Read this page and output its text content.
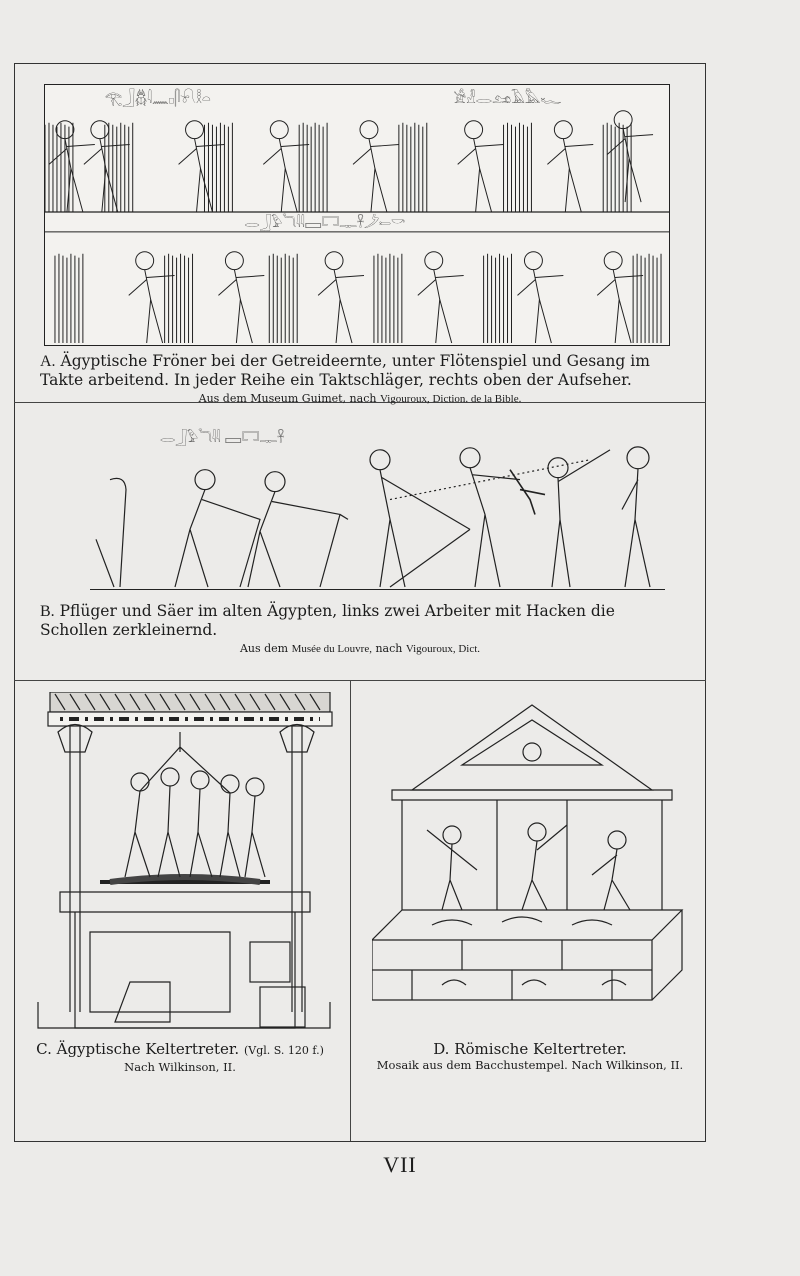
𓂀𓃀𓆣𓇋𓈖𓊪𓋴𓍯𓎛𓏏	𓀀𓁐𓂋𓃭𓄿𓅓𓆑
𓂋𓃀𓅱𓆓𓇌𓈙𓉐𓊃𓋹𓌳𓍿𓎡
A. Ägyptische Fröner bei der Getreideernte, unter Flötenspiel und Gesang im Takte arbeitend. In jeder Reihe ein Taktschläger, rechts oben der Aufseher.
Aus dem Museum Guimet, nach Vigouroux, Diction. de la Bible.
𓂋𓃀𓅱𓆓𓇌 𓈙𓉐𓊃𓋹
B. Pflüger und Säer im alten Ägypten, links zwei Arbeiter mit Hacken die Schollen zerkleinernd.
Aus dem Musée du Louvre, nach Vigouroux, Dict.
C. Ägyptische Keltertreter. (Vgl. S. 120 f.)
Nach Wilkinson, II.
D. Römische Keltertreter.
Mosaik aus dem Bacchustempel. Nach Wilkinson, II.
VII
